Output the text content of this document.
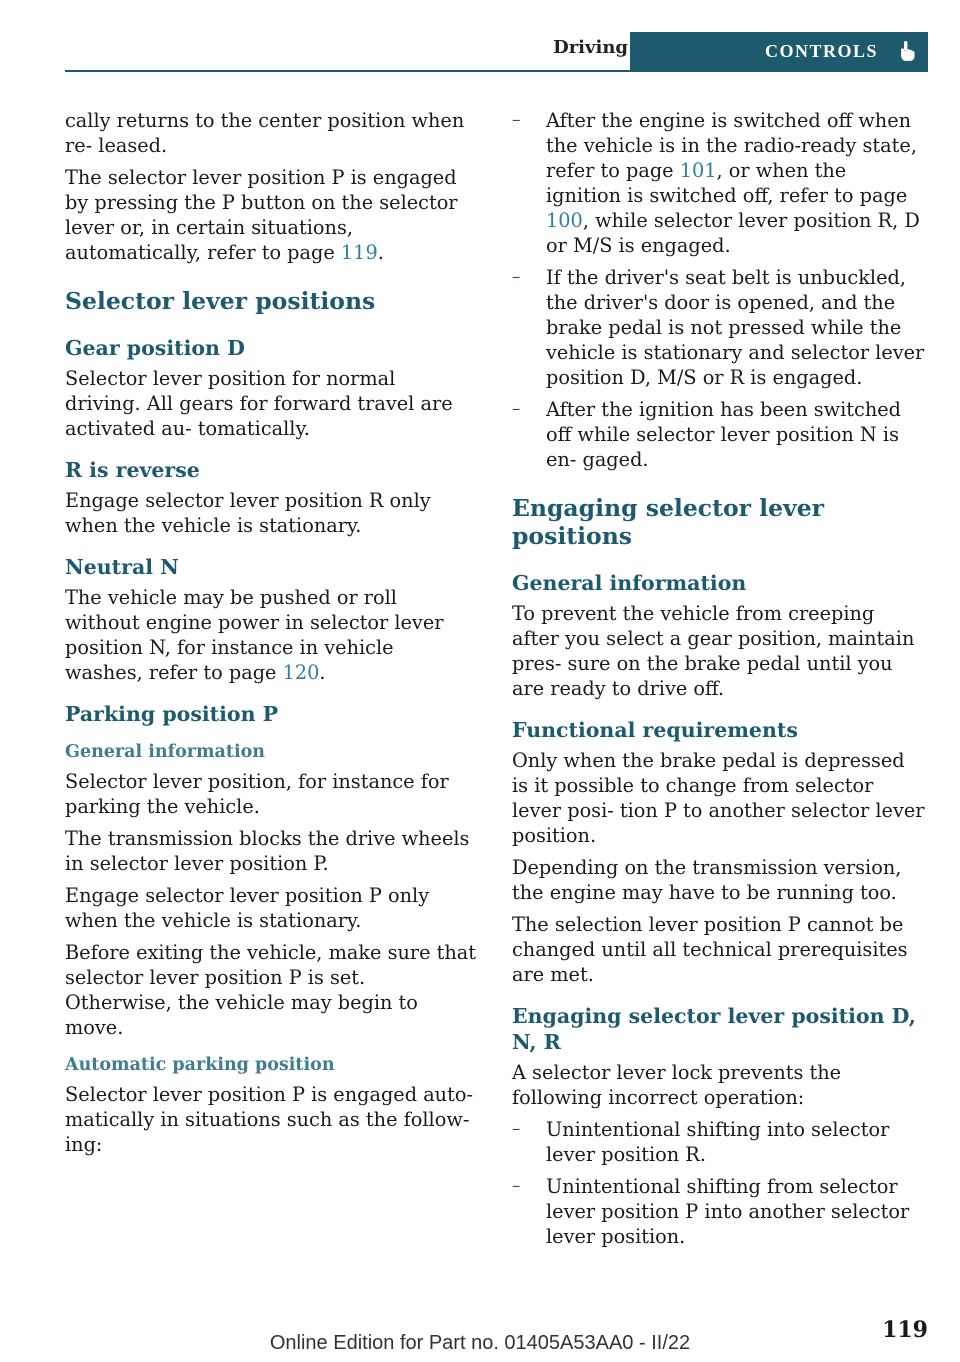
Driving	CONTROLS

cally returns to the center position when re‐ leased.

The selector lever position P is engaged by pressing the P button on the selector lever or, in certain situations, automatically, refer to page 119.

Selector lever positions
Gear position D

Selector lever position for normal driving. All gears for forward travel are activated au‐ tomatically.

R is reverse

Engage selector lever position R only when the vehicle is stationary.

Neutral N

The vehicle may be pushed or roll without engine power in selector lever position N, for instance in vehicle washes, refer to page 120.

Parking position P
General information

Selector lever position, for instance for parking the vehicle.

The transmission blocks the drive wheels in selector lever position P.

Engage selector lever position P only when the vehicle is stationary.

Before exiting the vehicle, make sure that selector lever position P is set. Otherwise, the vehicle may begin to move.

Automatic parking position

Selector lever position P is engaged auto‐ matically in situations such as the follow‐ ing:

– After the engine is switched off when the vehicle is in the radio-ready state, refer to page 101, or when the ignition is switched off, refer to page 100, while selector lever position R, D or M/S is engaged.
– If the driver's seat belt is unbuckled, the driver's door is opened, and the brake pedal is not pressed while the vehicle is stationary and selector lever position D, M/S or R is engaged.
– After the ignition has been switched off while selector lever position N is en‐ gaged.
Engaging selector lever positions
General information

To prevent the vehicle from creeping after you select a gear position, maintain pres‐ sure on the brake pedal until you are ready to drive off.

Functional requirements

Only when the brake pedal is depressed is it possible to change from selector lever posi‐ tion P to another selector lever position.

Depending on the transmission version, the engine may have to be running too.

The selection lever position P cannot be changed until all technical prerequisites are met.

Engaging selector lever position D, N, R

A selector lever lock prevents the following incorrect operation:

– Unintentional shifting into selector lever position R.
– Unintentional shifting from selector lever position P into another selector lever position.
119
Online Edition for Part no. 01405A53AA0 - II/22
